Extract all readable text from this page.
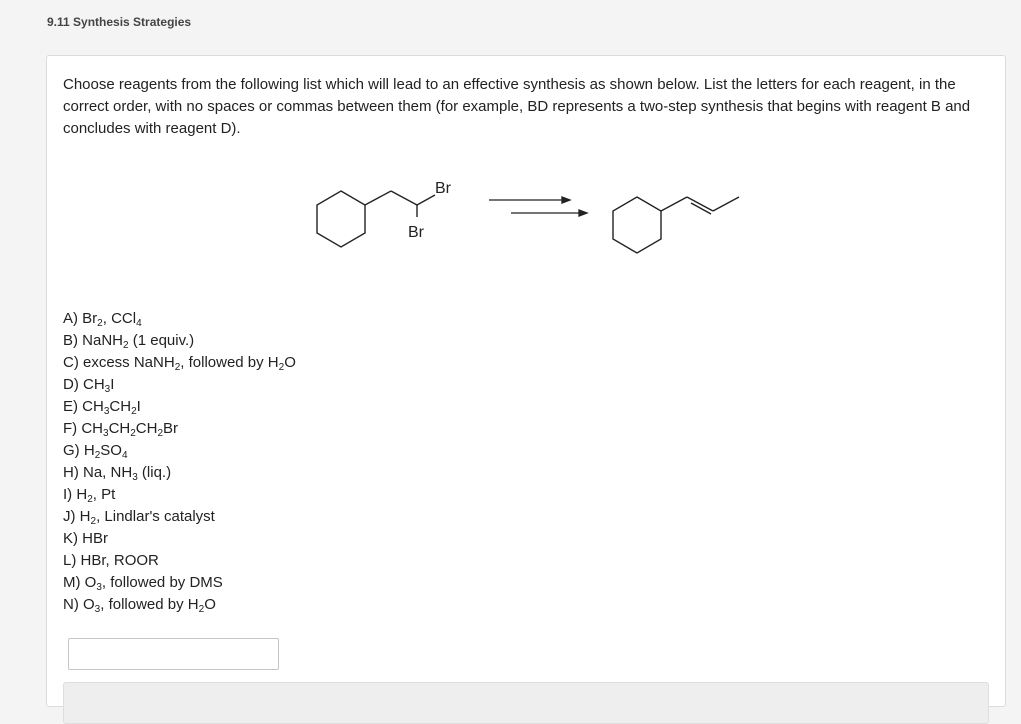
9.11 Synthesis Strategies

Choose reagents from the following list which will lead to an effective synthesis as shown below. List the letters for each reagent, in the correct order, with no spaces or commas between them (for example, BD represents a two-step synthesis that begins with reagent B and concludes with reagent D).

Br
Br
A) $Br_2$, CCl$_4$
B) NaNH$_2$ (1 equiv.)
C) excess NaNH$_2$, followed by $H_2O$
D) $CH_3I$
E) $CH_3CH_2I$
F) $CH_3CH_2CH_2Br$
G) $H_2SO_4$
H) Na, $NH_3$ (liq.)
I) $H_2$, Pt
J) $H_2$, Lindlar's catalyst
K) HBr
L) HBr, ROOR
M) $O_3$, followed by DMS
N) $O_3$, followed by $H_2O$
